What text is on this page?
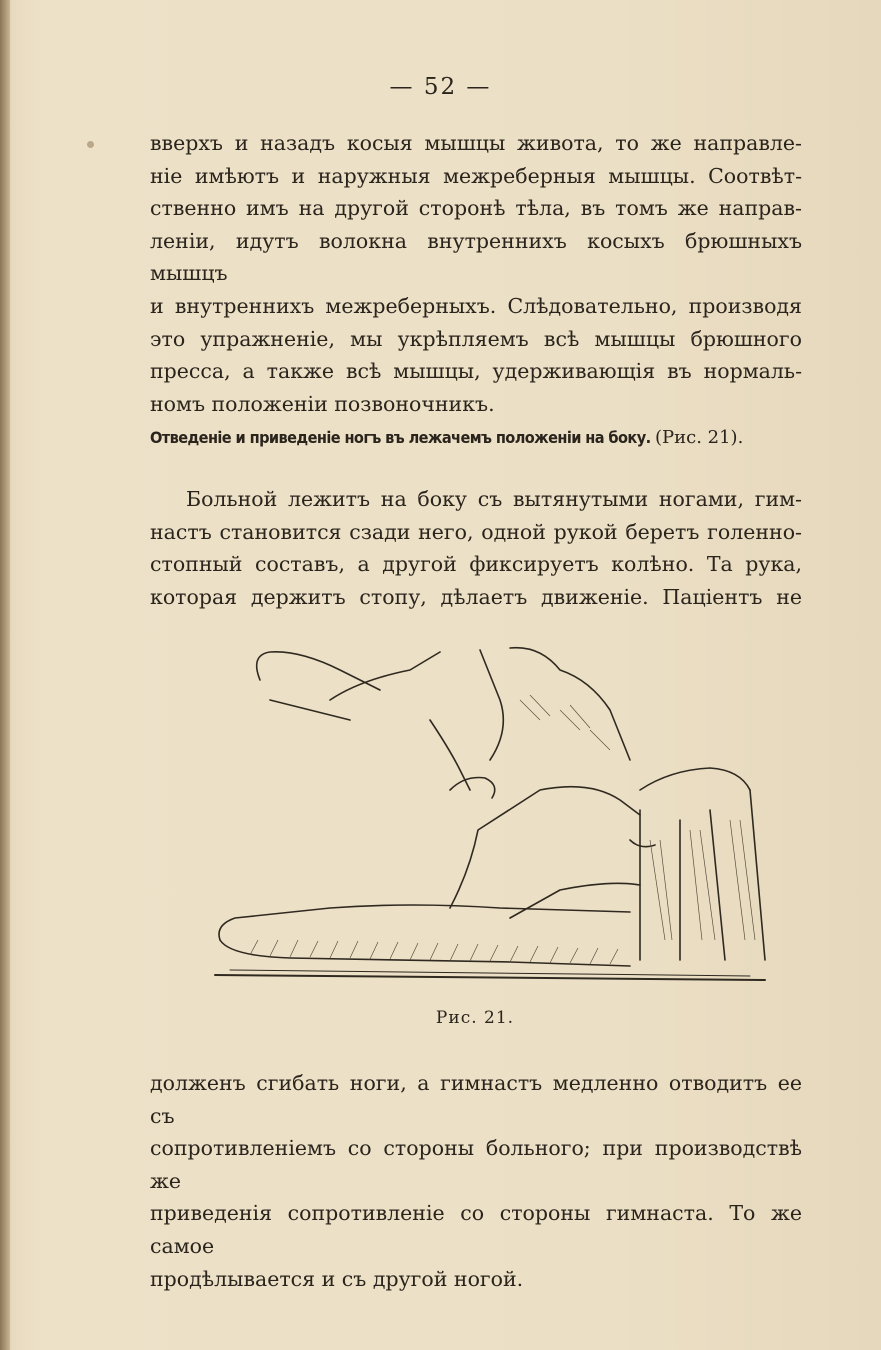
— 52 —
вверхъ и назадъ косыя мышцы живота, то же направле-
ніе имѣютъ и наружныя межреберныя мышцы. Соотвѣт-
ственно имъ на другой сторонѣ тѣла, въ томъ же направ-
леніи, идутъ волокна внутреннихъ косыхъ брюшныхъ мышцъ
и внутреннихъ межреберныхъ. Слѣдовательно, производя
это упражненіе, мы укрѣпляемъ всѣ мышцы брюшного
пресса, а также всѣ мышцы, удерживающія въ нормаль-
номъ положеніи позвоночникъ.
Отведеніе и приведеніе ногъ въ лежачемъ положеніи на боку. (Рис. 21).
Больной лежитъ на боку съ вытянутыми ногами, гим-
настъ становится сзади него, одной рукой беретъ голенно-
стопный составъ, а другой фиксируетъ колѣно. Та рука,
которая держитъ стопу, дѣлаетъ движеніе. Паціентъ не
Рис. 21.
долженъ сгибать ноги, а гимнастъ медленно отводитъ ее съ
сопротивленіемъ со стороны больного; при производствѣ же
приведенія сопротивленіе со стороны гимнаста. То же самое
продѣлывается и съ другой ногой.
